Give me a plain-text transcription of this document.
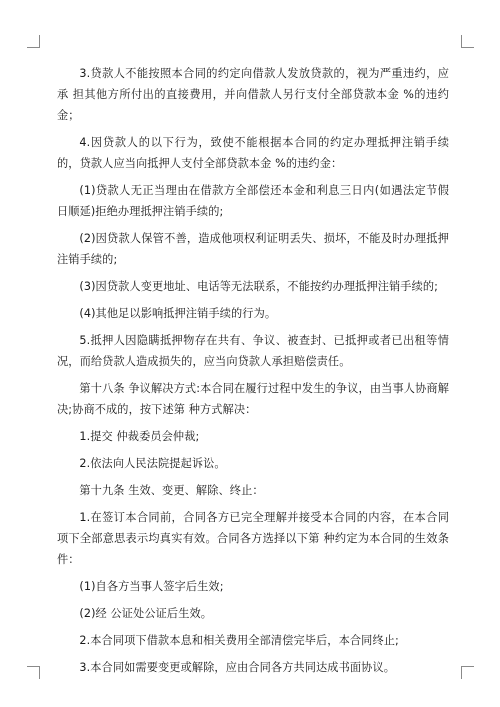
3.贷款人不能按照本合同的约定向借款人发放贷款的，视为严重违约，应承 担其他方所付出的直接费用，并向借款人另行支付全部贷款本金 %的违约金；

4.因贷款人的以下行为，致使不能根据本合同的约定办理抵押注销手续的，贷款人应当向抵押人支付全部贷款本金 %的违约金：

(1)贷款人无正当理由在借款方全部偿还本金和利息三日内(如遇法定节假 日顺延)拒绝办理抵押注销手续的;

(2)因贷款人保管不善，造成他项权利证明丢失、损坏，不能及时办理抵押注销手续的;

(3)因贷款人变更地址、电话等无法联系，不能按约办理抵押注销手续的;

(4)其他足以影响抵押注销手续的行为。

5.抵押人因隐瞒抵押物存在共有、争议、被查封、已抵押或者已出租等情况，而给贷款人造成损失的，应当向贷款人承担赔偿责任。

第十八条 争议解决方式:本合同在履行过程中发生的争议，由当事人协商解决;协商不成的，按下述第 种方式解决：

1.提交 仲裁委员会仲裁;

2.依法向人民法院提起诉讼。

第十九条 生效、变更、解除、终止：

1.在签订本合同前，合同各方已完全理解并接受本合同的内容，在本合同项下全部意思表示均真实有效。合同各方选择以下第 种约定为本合同的生效条件：

(1)自各方当事人签字后生效;

(2)经 公证处公证后生效。

2.本合同项下借款本息和相关费用全部清偿完毕后，本合同终止;

3.本合同如需要变更或解除，应由合同各方共同达成书面协议。
